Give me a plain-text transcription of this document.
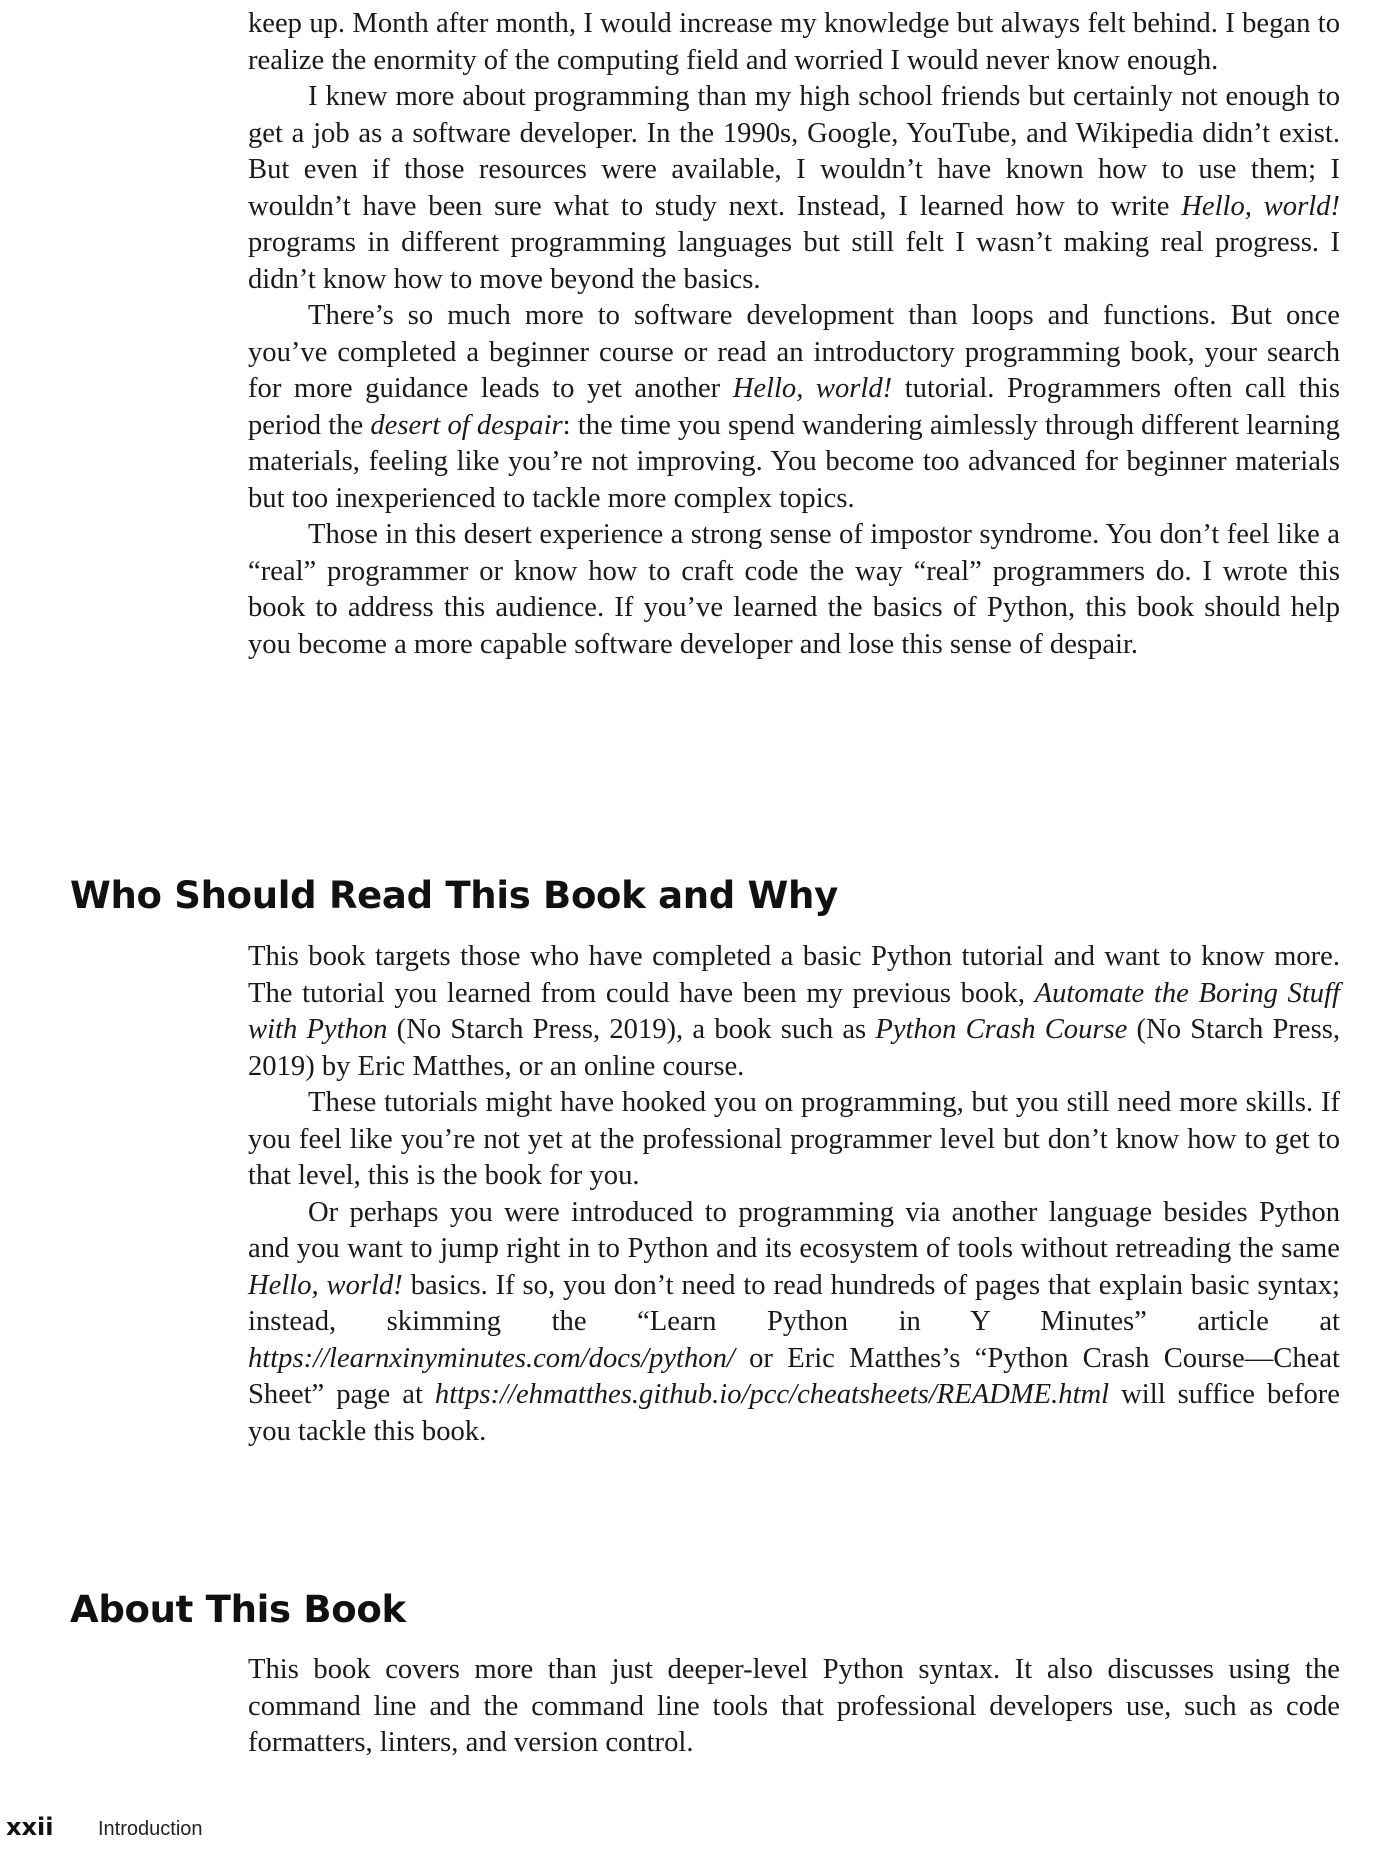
keep up. Month after month, I would increase my knowledge but always felt behind. I began to realize the enormity of the computing field and worried I would never know enough.

I knew more about programming than my high school friends but certainly not enough to get a job as a software developer. In the 1990s, Google, YouTube, and Wikipedia didn’t exist. But even if those resources were available, I wouldn’t have known how to use them; I wouldn’t have been sure what to study next. Instead, I learned how to write Hello, world! programs in different programming languages but still felt I wasn’t making real progress. I didn’t know how to move beyond the basics.

There’s so much more to software development than loops and functions. But once you’ve completed a beginner course or read an introductory programming book, your search for more guidance leads to yet another Hello, world! tutorial. Programmers often call this period the desert of despair: the time you spend wandering aimlessly through different learning materials, feeling like you’re not improving. You become too advanced for beginner materials but too inexperienced to tackle more complex topics.

Those in this desert experience a strong sense of impostor syndrome. You don’t feel like a “real” programmer or know how to craft code the way “real” programmers do. I wrote this book to address this audience. If you’ve learned the basics of Python, this book should help you become a more capable software developer and lose this sense of despair.

Who Should Read This Book and Why

This book targets those who have completed a basic Python tutorial and want to know more. The tutorial you learned from could have been my previous book, Automate the Boring Stuff with Python (No Starch Press, 2019), a book such as Python Crash Course (No Starch Press, 2019) by Eric Matthes, or an online course.

These tutorials might have hooked you on programming, but you still need more skills. If you feel like you’re not yet at the professional programmer level but don’t know how to get to that level, this is the book for you.

Or perhaps you were introduced to programming via another language besides Python and you want to jump right in to Python and its ecosystem of tools without retreading the same Hello, world! basics. If so, you don’t need to read hundreds of pages that explain basic syntax; instead, skimming the “Learn Python in Y Minutes” article at https://learnxinyminutes.com/docs/python/ or Eric Matthes’s “Python Crash Course—Cheat Sheet” page at https://ehmatthes.github.io/pcc/cheatsheets/README.html will suffice before you tackle this book.

About This Book

This book covers more than just deeper-level Python syntax. It also discusses using the command line and the command line tools that professional developers use, such as code formatters, linters, and version control.

xxii Introduction
